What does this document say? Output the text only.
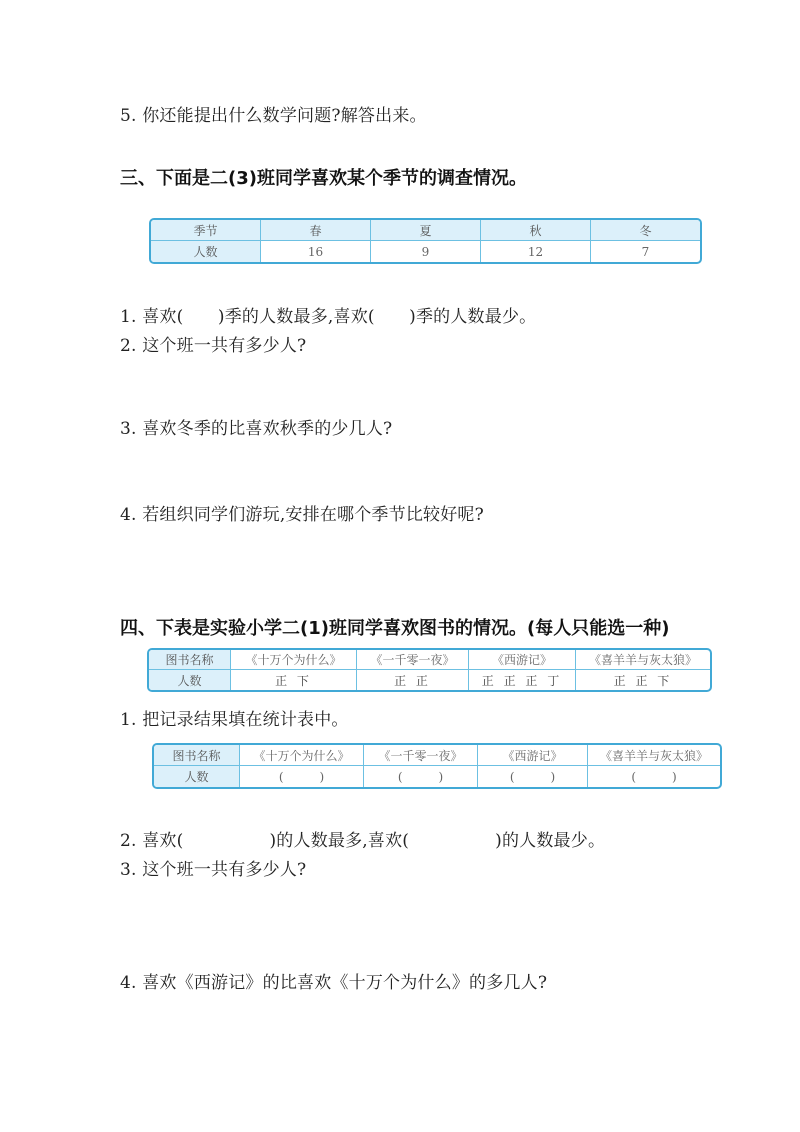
5. 你还能提出什么数学问题?解答出来。
三、下面是二(3)班同学喜欢某个季节的调查情况。
季节	春	夏	秋	冬
人数	16	9	12	7
1. 喜欢(　　)季的人数最多,喜欢(　　)季的人数最少。
2. 这个班一共有多少人?
3. 喜欢冬季的比喜欢秋季的少几人?
4. 若组织同学们游玩,安排在哪个季节比较好呢?
四、下表是实验小学二(1)班同学喜欢图书的情况。(每人只能选一种)
图书名称	《十万个为什么》	《一千零一夜》	《西游记》	《喜羊羊与灰太狼》
人数	正 下	正 正	正 正 正 丁	正 正 下
1. 把记录结果填在统计表中。
图书名称	《十万个为什么》	《一千零一夜》	《西游记》	《喜羊羊与灰太狼》
人数	(　　　)	(　　　)	(　　　)	(　　　)
2. 喜欢(　　　　　)的人数最多,喜欢(　　　　　)的人数最少。
3. 这个班一共有多少人?
4. 喜欢《西游记》的比喜欢《十万个为什么》的多几人?
